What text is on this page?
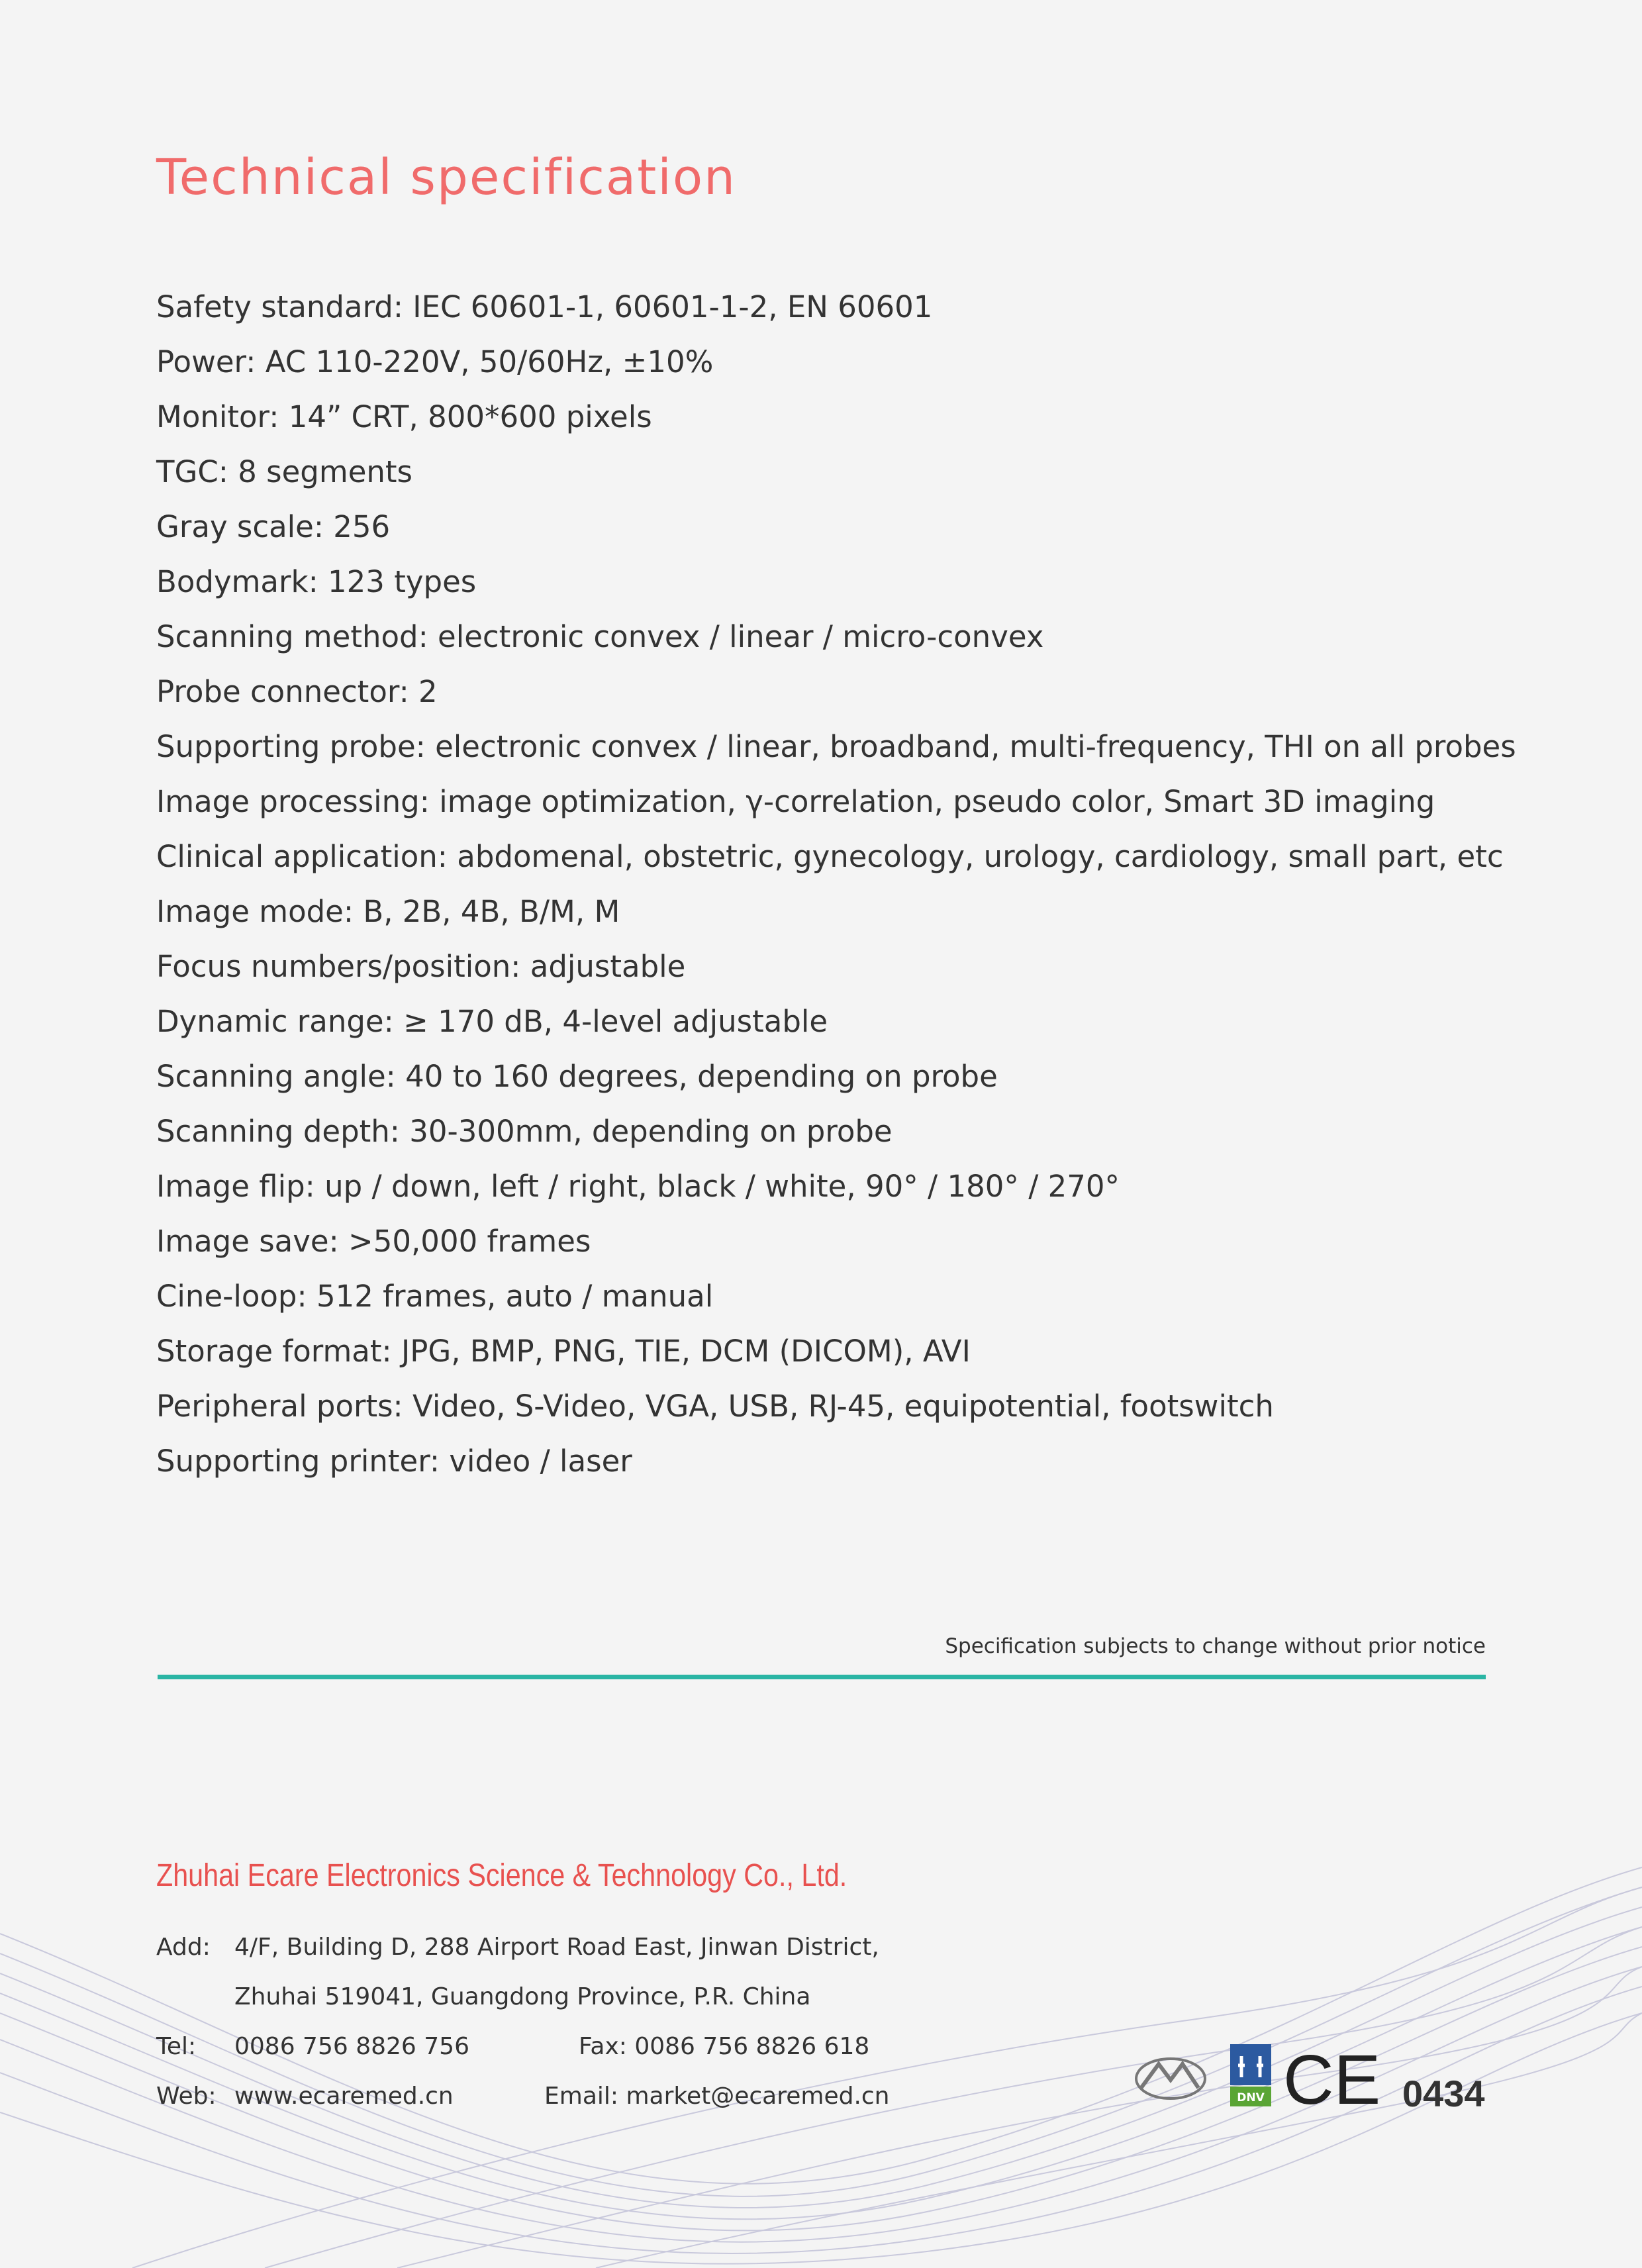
Technical specification
Safety standard: IEC 60601-1, 60601-1-2, EN 60601
Power: AC 110-220V, 50/60Hz, ±10%
Monitor: 14” CRT, 800*600 pixels
TGC: 8 segments
Gray scale: 256
Bodymark: 123 types
Scanning method: electronic convex / linear / micro-convex
Probe connector: 2
Supporting probe: electronic convex / linear, broadband, multi-frequency, THI on all probes
Image processing: image optimization, γ-correlation, pseudo color, Smart 3D imaging
Clinical application: abdomenal, obstetric, gynecology, urology, cardiology, small part, etc
Image mode: B, 2B, 4B, B/M, M
Focus numbers/position: adjustable
Dynamic range: ≥ 170 dB, 4-level adjustable
Scanning angle: 40 to 160 degrees, depending on probe
Scanning depth: 30-300mm, depending on probe
Image flip: up / down, left / right, black / white, 90° / 180° / 270°
Image save: >50,000 frames
Cine-loop: 512 frames, auto / manual
Storage format: JPG, BMP, PNG, TIE, DCM (DICOM), AVI
Peripheral ports: Video, S-Video, VGA, USB, RJ-45, equipotential, footswitch
Supporting printer: video / laser
Specification subjects to change without prior notice
Zhuhai Ecare Electronics Science & Technology Co., Ltd.
Add: 4/F, Building D, 288 Airport Road East, Jinwan District,
Zhuhai 519041, Guangdong Province, P.R. China
Tel: 0086 756 8826 756	Fax: 0086 756 8826 618
Web: www.ecaremed.cn	Email: market@ecaremed.cn	DNV CE 0434
